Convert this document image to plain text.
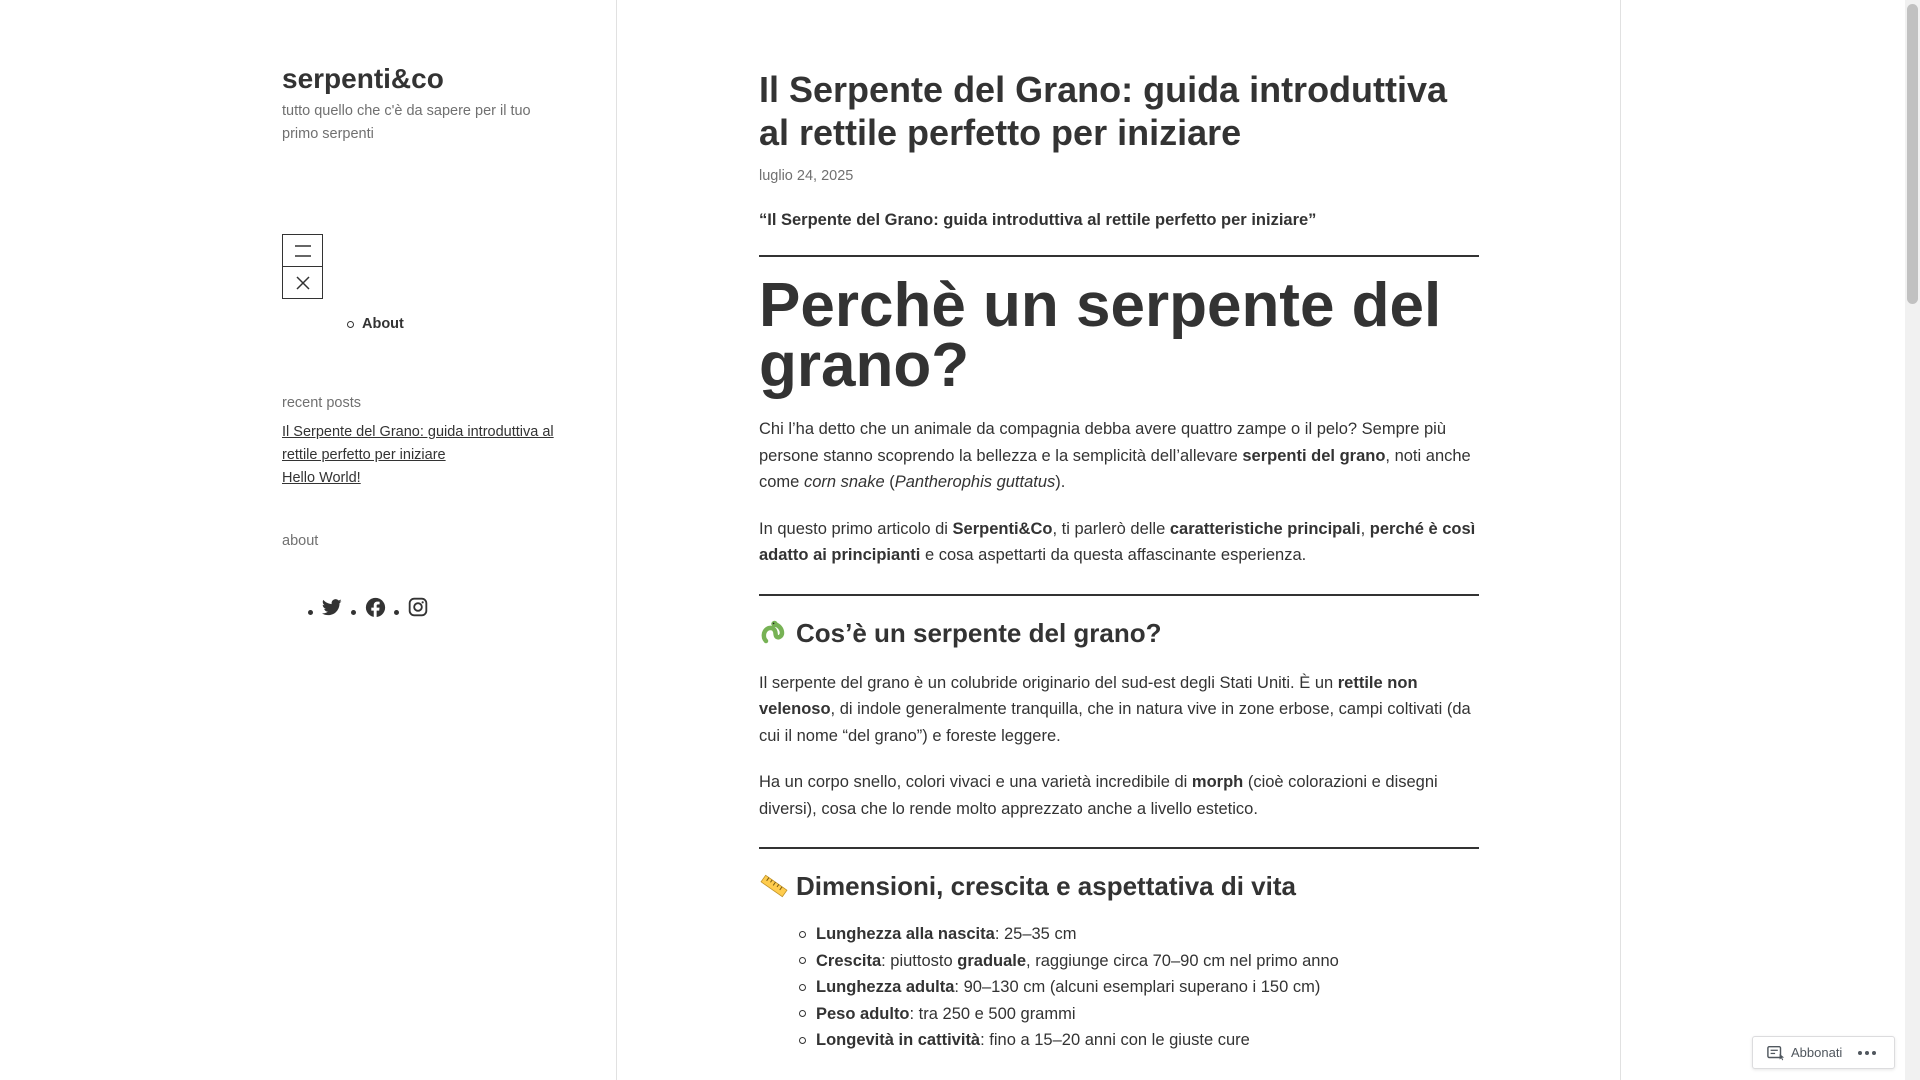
serpenti&co
tutto quello che c'è da sapere per il tuo primo serpenti
About
recent posts
Il Serpente del Grano: guida introduttiva al rettile perfetto per iniziare
Hello World!
about
Il Serpente del Grano: guida introduttiva al rettile perfetto per iniziare
luglio 24, 2025
“Il Serpente del Grano: guida introduttiva al rettile perfetto per iniziare”
Perchè un serpente del grano?

Chi l’ha detto che un animale da compagnia debba avere quattro zampe o il pelo? Sempre più persone stanno scoprendo la bellezza e la semplicità dell’allevare serpenti del grano, noti anche come corn snake (Pantherophis guttatus).

In questo primo articolo di Serpenti&Co, ti parlerò delle caratteristiche principali, perché è così adatto ai principianti e cosa aspettarti da questa affascinante esperienza.

Cos’è un serpente del grano?

Il serpente del grano è un colubride originario del sud-est degli Stati Uniti. È un rettile non velenoso, di indole generalmente tranquilla, che in natura vive in zone erbose, campi coltivati (da cui il nome “del grano”) e foreste leggere.

Ha un corpo snello, colori vivaci e una varietà incredibile di morph (cioè colorazioni e disegni diversi), cosa che lo rende molto apprezzato anche a livello estetico.

Dimensioni, crescita e aspettativa di vita
Lunghezza alla nascita: 25–35 cm
Crescita: piuttosto graduale, raggiunge circa 70–90 cm nel primo anno
Lunghezza adulta: 90–130 cm (alcuni esemplari superano i 150 cm)
Peso adulto: tra 250 e 500 grammi
Longevità in cattività: fino a 15–20 anni con le giuste cure
Abbonati
